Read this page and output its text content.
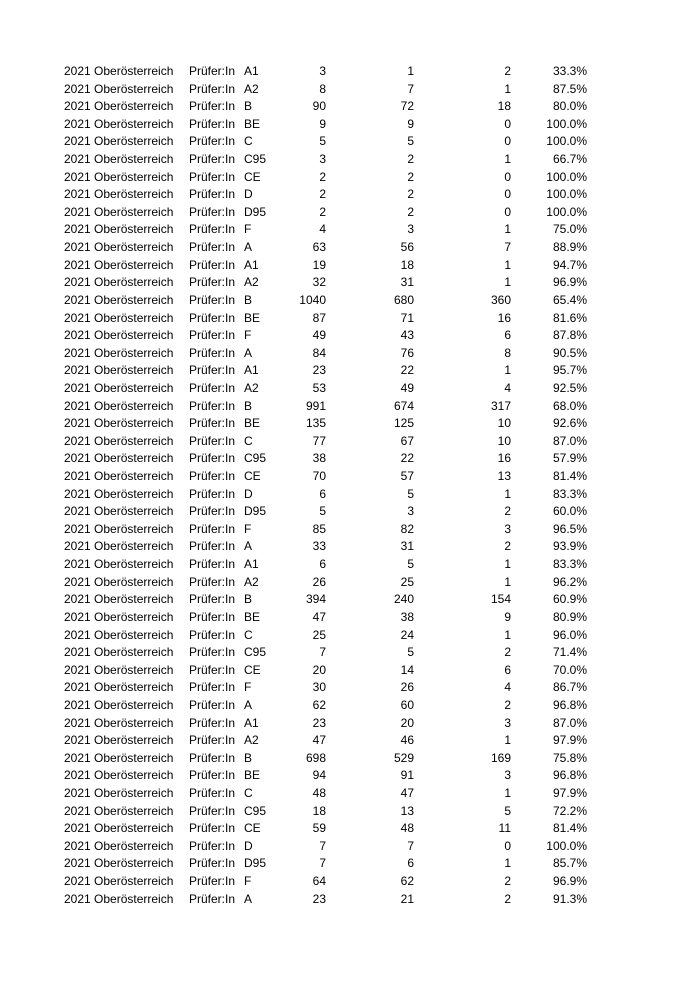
2021 Oberösterreich Prüfer:In A1	3	1	2	33.3%
2021 Oberösterreich Prüfer:In A2	8	7	1	87.5%
2021 Oberösterreich Prüfer:In B	90	72	18	80.0%
2021 Oberösterreich Prüfer:In BE	9	9	0	100.0%
2021 Oberösterreich Prüfer:In C	5	5	0	100.0%
2021 Oberösterreich Prüfer:In C95	3	2	1	66.7%
2021 Oberösterreich Prüfer:In CE	2	2	0	100.0%
2021 Oberösterreich Prüfer:In D	2	2	0	100.0%
2021 Oberösterreich Prüfer:In D95	2	2	0	100.0%
2021 Oberösterreich Prüfer:In F	4	3	1	75.0%
2021 Oberösterreich Prüfer:In A	63	56	7	88.9%
2021 Oberösterreich Prüfer:In A1	19	18	1	94.7%
2021 Oberösterreich Prüfer:In A2	32	31	1	96.9%
2021 Oberösterreich Prüfer:In B	1040	680	360	65.4%
2021 Oberösterreich Prüfer:In BE	87	71	16	81.6%
2021 Oberösterreich Prüfer:In F	49	43	6	87.8%
2021 Oberösterreich Prüfer:In A	84	76	8	90.5%
2021 Oberösterreich Prüfer:In A1	23	22	1	95.7%
2021 Oberösterreich Prüfer:In A2	53	49	4	92.5%
2021 Oberösterreich Prüfer:In B	991	674	317	68.0%
2021 Oberösterreich Prüfer:In BE	135	125	10	92.6%
2021 Oberösterreich Prüfer:In C	77	67	10	87.0%
2021 Oberösterreich Prüfer:In C95	38	22	16	57.9%
2021 Oberösterreich Prüfer:In CE	70	57	13	81.4%
2021 Oberösterreich Prüfer:In D	6	5	1	83.3%
2021 Oberösterreich Prüfer:In D95	5	3	2	60.0%
2021 Oberösterreich Prüfer:In F	85	82	3	96.5%
2021 Oberösterreich Prüfer:In A	33	31	2	93.9%
2021 Oberösterreich Prüfer:In A1	6	5	1	83.3%
2021 Oberösterreich Prüfer:In A2	26	25	1	96.2%
2021 Oberösterreich Prüfer:In B	394	240	154	60.9%
2021 Oberösterreich Prüfer:In BE	47	38	9	80.9%
2021 Oberösterreich Prüfer:In C	25	24	1	96.0%
2021 Oberösterreich Prüfer:In C95	7	5	2	71.4%
2021 Oberösterreich Prüfer:In CE	20	14	6	70.0%
2021 Oberösterreich Prüfer:In F	30	26	4	86.7%
2021 Oberösterreich Prüfer:In A	62	60	2	96.8%
2021 Oberösterreich Prüfer:In A1	23	20	3	87.0%
2021 Oberösterreich Prüfer:In A2	47	46	1	97.9%
2021 Oberösterreich Prüfer:In B	698	529	169	75.8%
2021 Oberösterreich Prüfer:In BE	94	91	3	96.8%
2021 Oberösterreich Prüfer:In C	48	47	1	97.9%
2021 Oberösterreich Prüfer:In C95	18	13	5	72.2%
2021 Oberösterreich Prüfer:In CE	59	48	11	81.4%
2021 Oberösterreich Prüfer:In D	7	7	0	100.0%
2021 Oberösterreich Prüfer:In D95	7	6	1	85.7%
2021 Oberösterreich Prüfer:In F	64	62	2	96.9%
2021 Oberösterreich Prüfer:In A	23	21	2	91.3%
